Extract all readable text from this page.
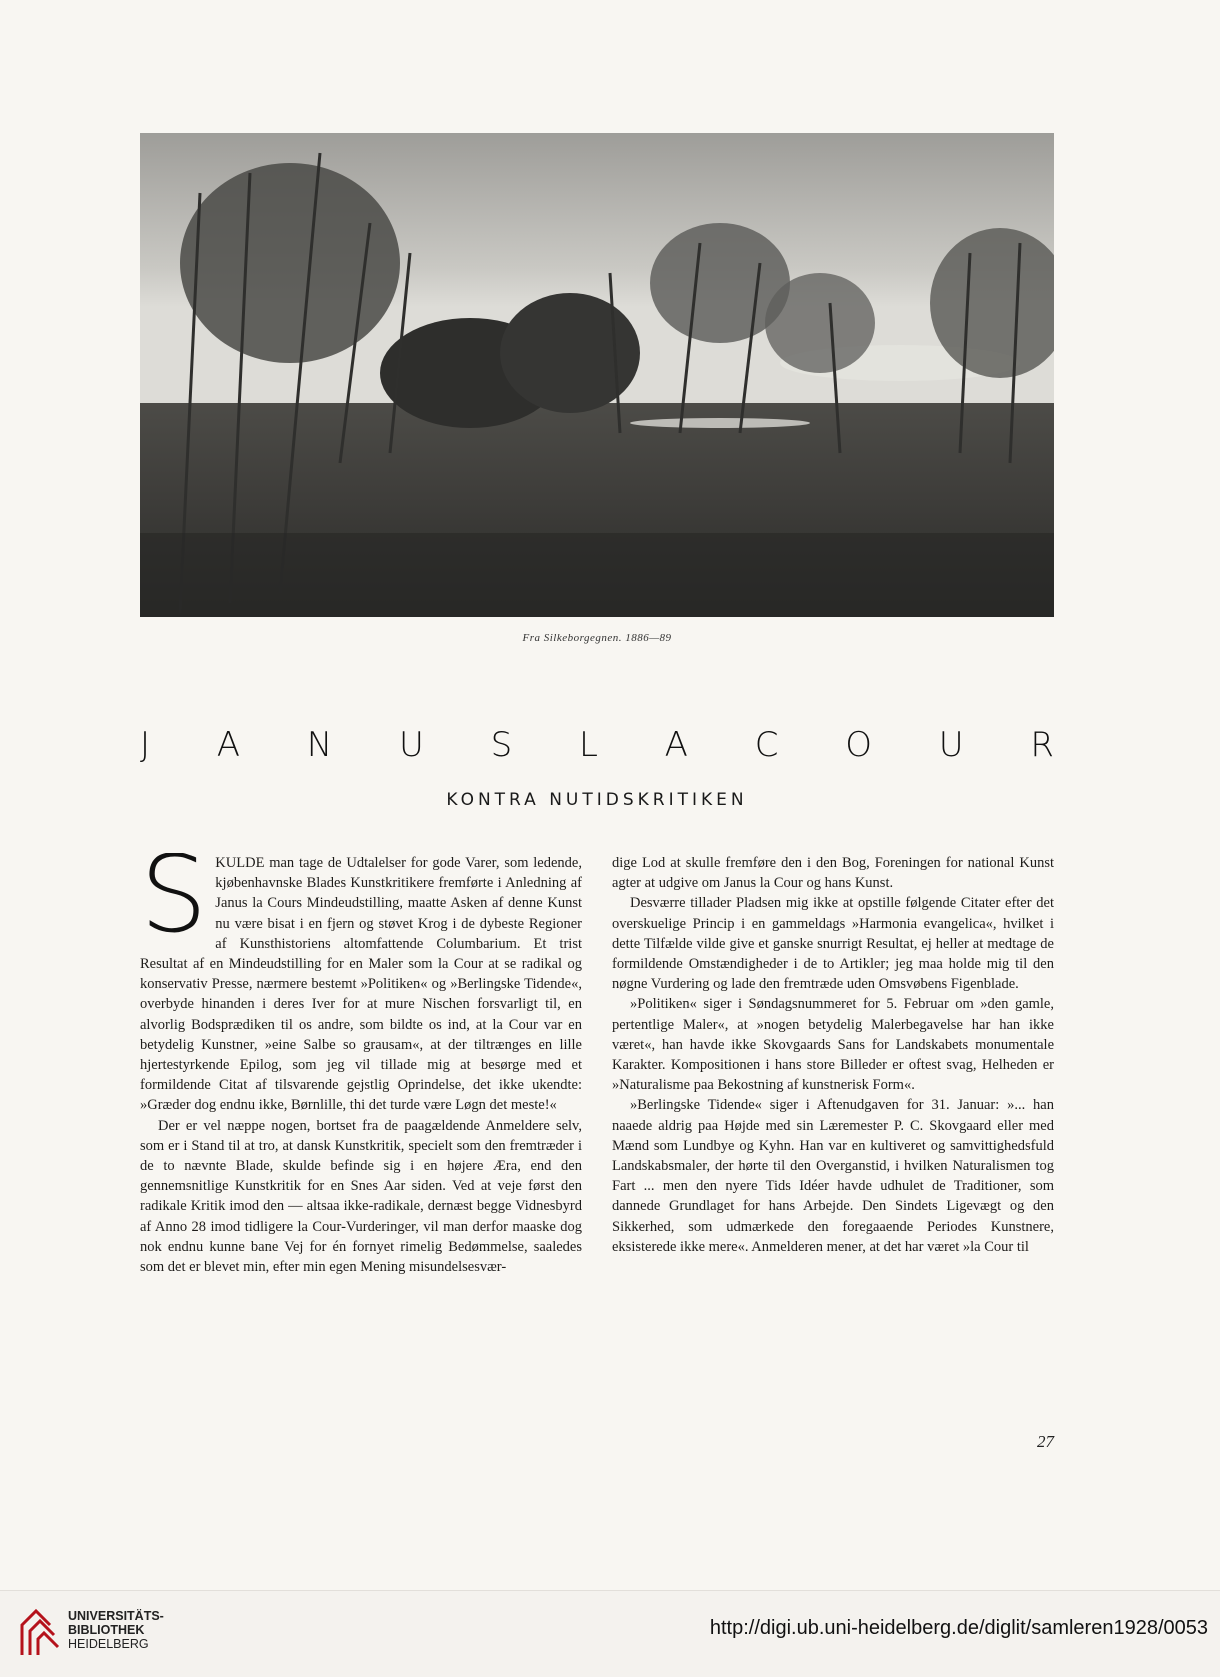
Fra Silkeborgegnen. 1886—89
J A N U S L A C O U R
KONTRA NUTIDSKRITIKEN

SKULDE man tage de Udtalelser for gode Varer, som ledende, kjøbenhavnske Blades Kunstkritikere fremførte i Anledning af Janus la Cours Mindeudstilling, maatte Asken af denne Kunst nu være bisat i en fjern og støvet Krog i de dybeste Regioner af Kunsthistoriens altomfattende Columbarium. Et trist Resultat af en Mindeudstilling for en Maler som la Cour at se radikal og konservativ Presse, nærmere bestemt »Politiken« og »Berlingske Tidende«, overbyde hinanden i deres Iver for at mure Nischen forsvarligt til, en alvorlig Bodsprædiken til os andre, som bildte os ind, at la Cour var en betydelig Kunstner, »eine Salbe so grausam«, at der tiltrænges en lille hjertestyrkende Epilog, som jeg vil tillade mig at besørge med et formildende Citat af tilsvarende gejstlig Oprindelse, det ikke ukendte: »Græder dog endnu ikke, Børnlille, thi det turde være Løgn det meste!«

Der er vel næppe nogen, bortset fra de paagældende Anmeldere selv, som er i Stand til at tro, at dansk Kunstkritik, specielt som den fremtræder i de to nævnte Blade, skulde befinde sig i en højere Æra, end den gennemsnitlige Kunstkritik for en Snes Aar siden. Ved at veje først den radikale Kritik imod den — altsaa ikke-radikale, dernæst begge Vidnesbyrd af Anno 28 imod tidligere la Cour-Vurderinger, vil man derfor maaske dog nok endnu kunne bane Vej for én fornyet rimelig Bedømmelse, saaledes som det er blevet min, efter min egen Mening misundelsesvær-

dige Lod at skulle fremføre den i den Bog, Foreningen for national Kunst agter at udgive om Janus la Cour og hans Kunst.

Desværre tillader Pladsen mig ikke at opstille følgende Citater efter det overskuelige Princip i en gammeldags »Harmonia evangelica«, hvilket i dette Tilfælde vilde give et ganske snurrigt Resultat, ej heller at medtage de formildende Omstændigheder i de to Artikler; jeg maa holde mig til den nøgne Vurdering og lade den fremtræde uden Omsvøbens Figenblade.

»Politiken« siger i Søndagsnummeret for 5. Februar om »den gamle, pertentlige Maler«, at »nogen betydelig Malerbegavelse har han ikke været«, han havde ikke Skovgaards Sans for Landskabets monumentale Karakter. Kompositionen i hans store Billeder er oftest svag, Helheden er »Naturalisme paa Bekostning af kunstnerisk Form«.

»Berlingske Tidende« siger i Aftenudgaven for 31. Januar: »... han naaede aldrig paa Højde med sin Læremester P. C. Skovgaard eller med Mænd som Lundbye og Kyhn. Han var en kultiveret og samvittighedsfuld Landskabsmaler, der hørte til den Overganstid, i hvilken Naturalismen tog Fart ... men den nyere Tids Idéer havde udhulet de Traditioner, som dannede Grundlaget for hans Arbejde. Den Sindets Ligevægt og den Sikkerhed, som udmærkede den foregaaende Periodes Kunstnere, eksisterede ikke mere«. Anmelderen mener, at det har været »la Cour til

27
UNIVERSITÄTS-
BIBLIOTHEK
HEIDELBERG
http://digi.ub.uni-heidelberg.de/diglit/samleren1928/0053
